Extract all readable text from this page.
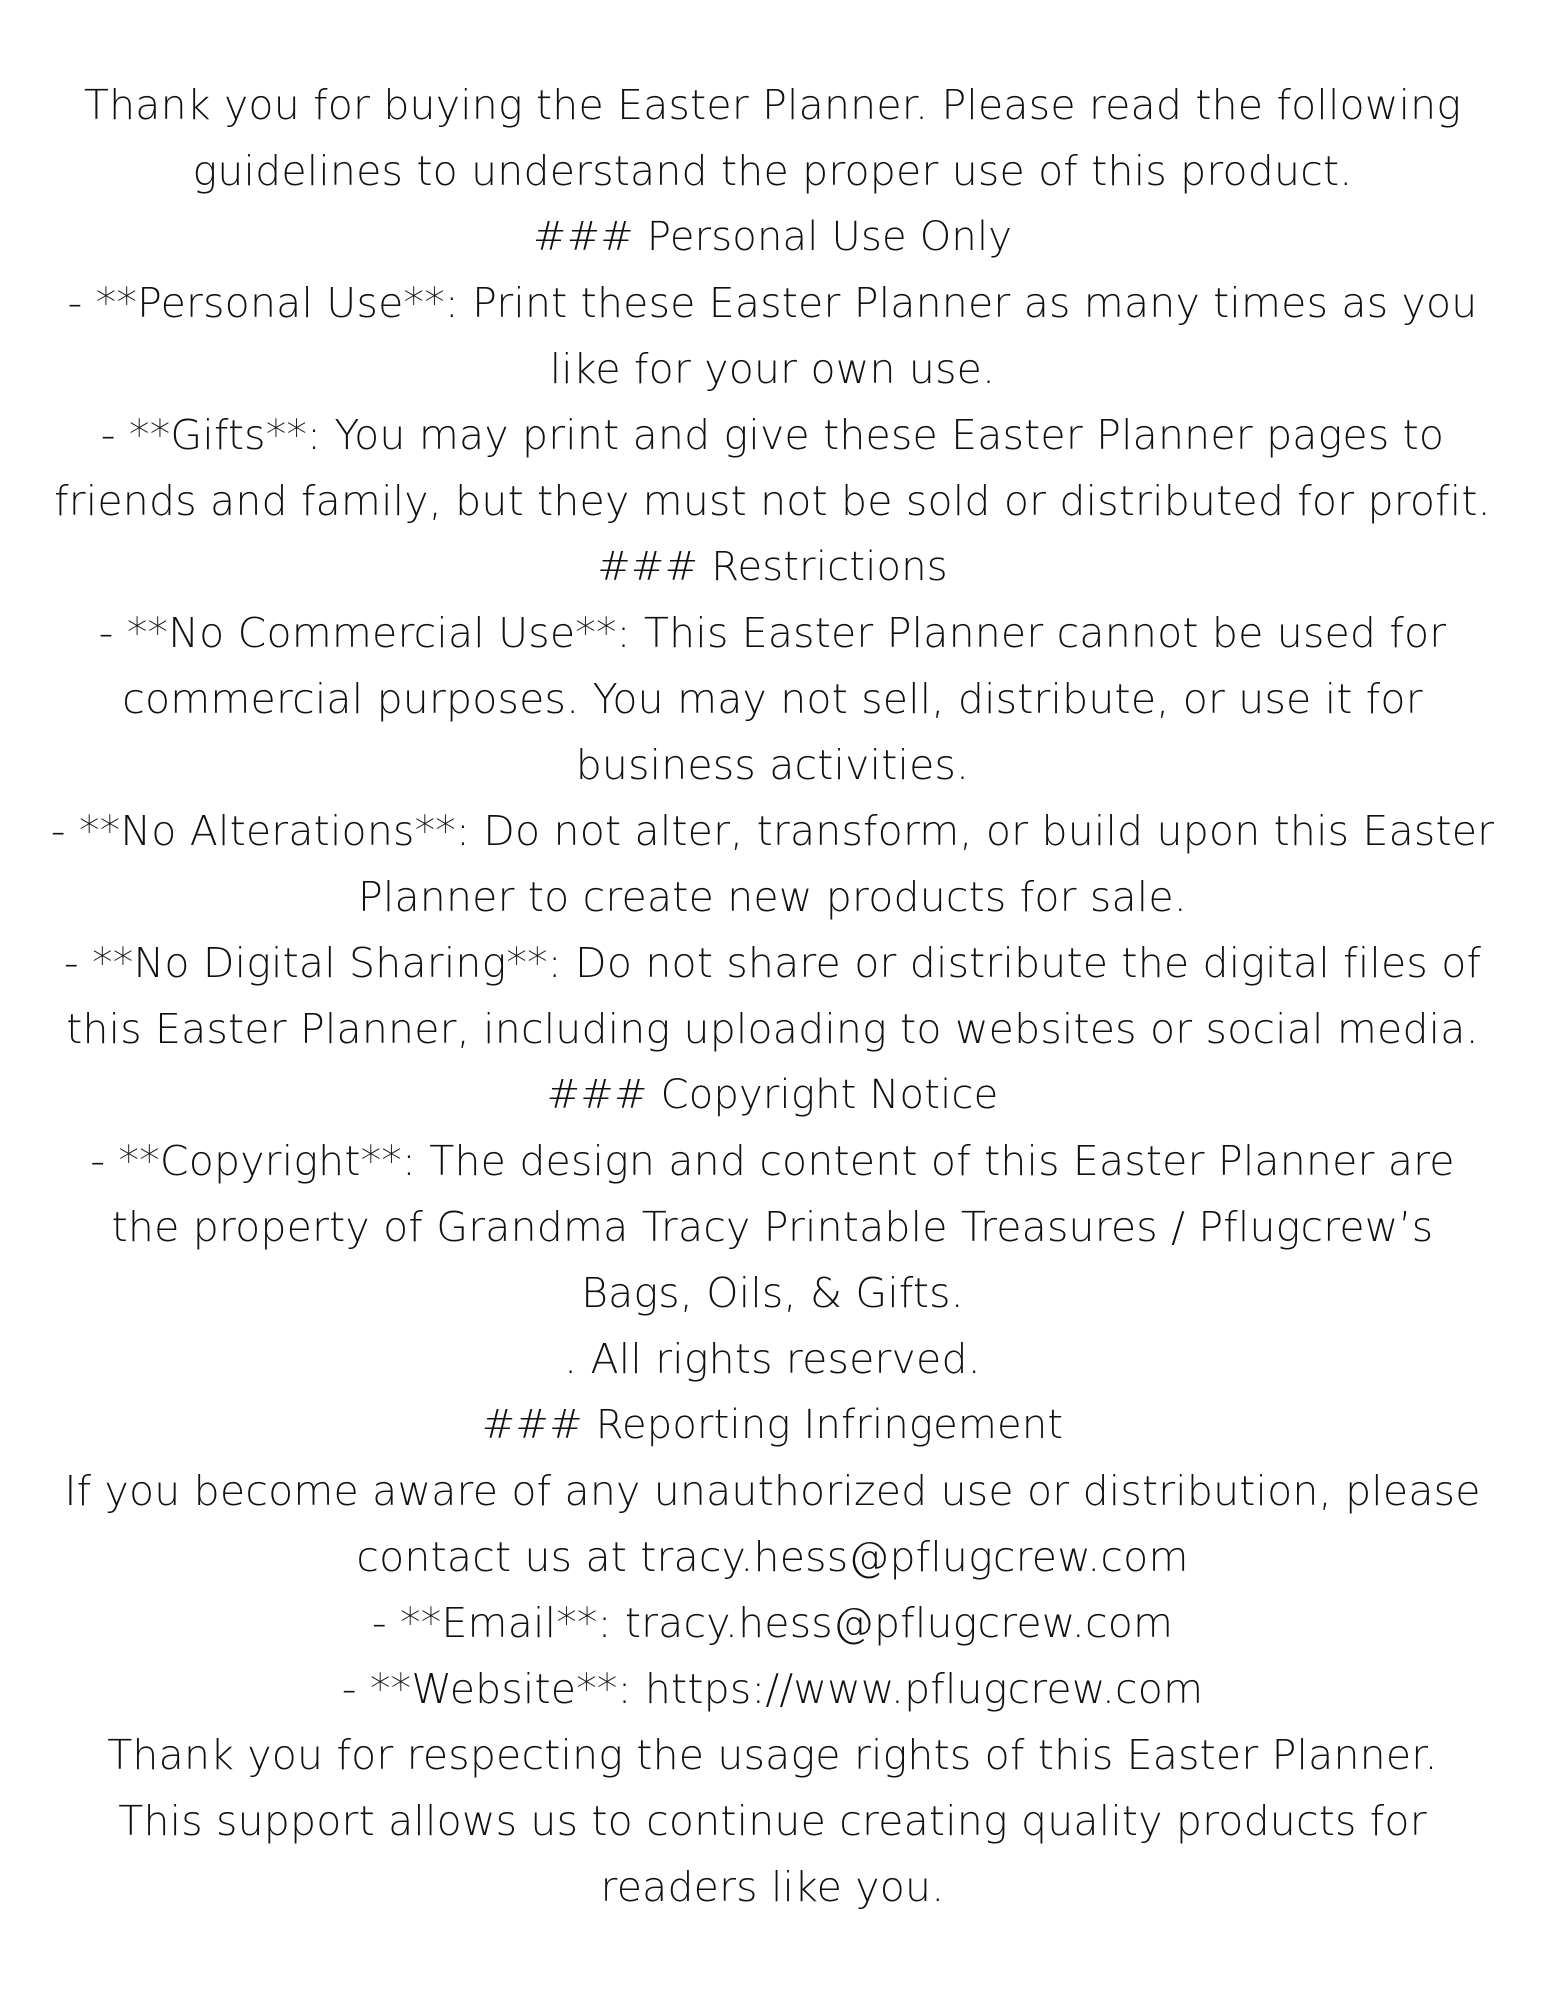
Thank you for buying the Easter Planner. Please read the following
guidelines to understand the proper use of this product.
### Personal Use Only
- **Personal Use**: Print these Easter Planner as many times as you
like for your own use.
- **Gifts**: You may print and give these Easter Planner pages to
friends and family, but they must not be sold or distributed for profit.
### Restrictions
- **No Commercial Use**: This Easter Planner cannot be used for
commercial purposes. You may not sell, distribute, or use it for
business activities.
- **No Alterations**: Do not alter, transform, or build upon this Easter
Planner to create new products for sale.
- **No Digital Sharing**: Do not share or distribute the digital files of
this Easter Planner, including uploading to websites or social media.
### Copyright Notice
- **Copyright**: The design and content of this Easter Planner are
the property of Grandma Tracy Printable Treasures / Pflugcrew’s
Bags, Oils, & Gifts.
. All rights reserved.
### Reporting Infringement
If you become aware of any unauthorized use or distribution, please
contact us at tracy.hess@pflugcrew.com
- **Email**: tracy.hess@pflugcrew.com
- **Website**: https://www.pflugcrew.com
Thank you for respecting the usage rights of this Easter Planner.
This support allows us to continue creating quality products for
readers like you.
